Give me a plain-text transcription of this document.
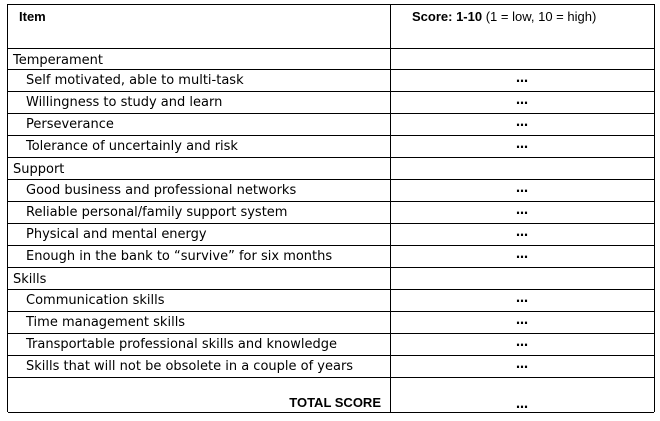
Item	Score: 1-10 (1 = low, 10 = high)
Temperament
Self motivated, able to multi-task	…
Willingness to study and learn	…
Perseverance	…
Tolerance of uncertainly and risk	…
Support
Good business and professional networks	…
Reliable personal/family support system	…
Physical and mental energy	…
Enough in the bank to “survive” for six months	…
Skills
Communication skills	…
Time management skills	…
Transportable professional skills and knowledge	…
Skills that will not be obsolete in a couple of years	…
TOTAL SCORE	…
